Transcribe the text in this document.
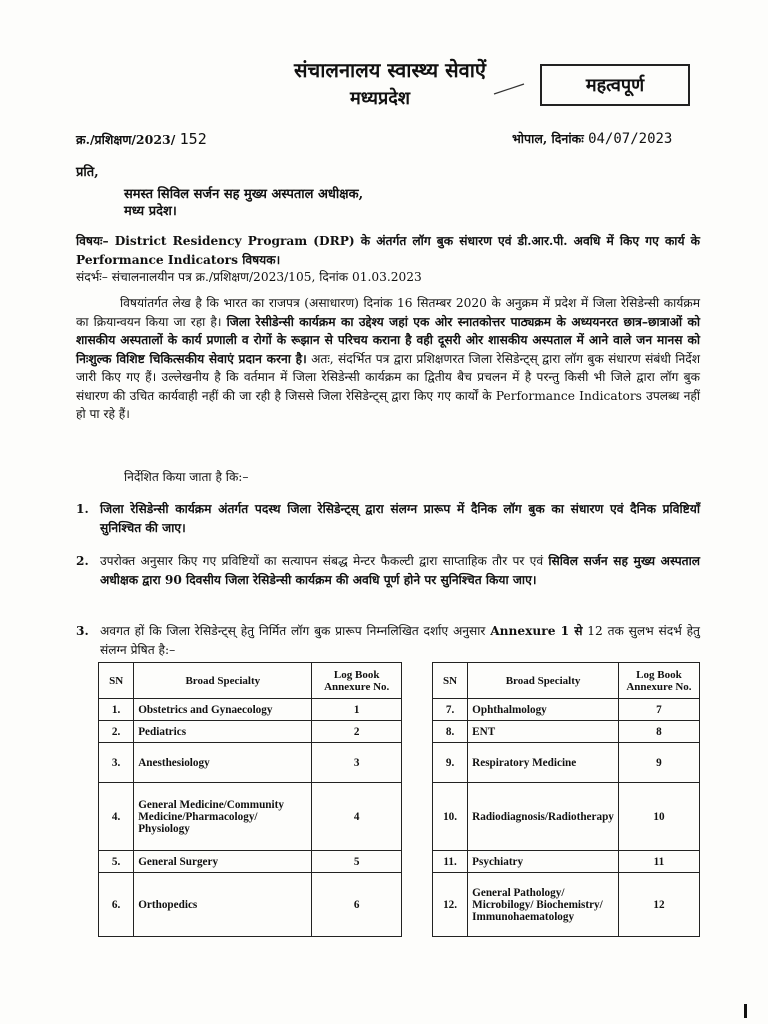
संचालनालय स्वास्थ्य सेवाऐं
मध्यप्रदेश
महत्वपूर्ण
क्र./प्रशिक्षण/2023/ 152	भोपाल, दिनांकः 04/07/2023
प्रति,
समस्त सिविल सर्जन सह मुख्य अस्पताल अधीक्षक,
मध्य प्रदेश।
विषयः– District Residency Program (DRP) के अंतर्गत लॉग बुक संधारण एवं डी.आर.पी. अवधि में किए गए कार्य के Performance Indicators विषयक।
संदर्भः– संचालनालयीन पत्र क्र./प्रशिक्षण/2023/105, दिनांक 01.03.2023
विषयांतर्गत लेख है कि भारत का राजपत्र (असाधारण) दिनांक 16 सितम्बर 2020 के अनुक्रम में प्रदेश में जिला रेसिडेन्सी कार्यक्रम का क्रियान्वयन किया जा रहा है। जिला रेसीडेन्सी कार्यक्रम का उद्देश्य जहां एक ओर स्नातकोत्तर पाठ्यक्रम के अध्ययनरत छात्र–छात्राओं को शासकीय अस्पतालों के कार्य प्रणाली व रोगों के रूझान से परिचय कराना है वही दूसरी ओर शासकीय अस्पताल में आने वाले जन मानस को निःशुल्क विशिष्ट चिकित्सकीय सेवाएं प्रदान करना है। अतः, संदर्भित पत्र द्वारा प्रशिक्षणरत जिला रेसिडेन्ट्स् द्वारा लॉग बुक संधारण संबंधी निर्देश जारी किए गए हैं। उल्लेखनीय है कि वर्तमान में जिला रेसिडेन्सी कार्यक्रम का द्वितीय बैच प्रचलन में है परन्तु किसी भी जिले द्वारा लॉग बुक संधारण की उचित कार्यवाही नहीं की जा रही है जिससे जिला रेसिडेन्ट्स् द्वारा किए गए कार्यों के Performance Indicators उपलब्ध नहीं हो पा रहे हैं।
निर्देशित किया जाता है कि:–
1. जिला रेसिडेन्सी कार्यक्रम अंतर्गत पदस्थ जिला रेसिडेन्ट्स् द्वारा संलग्न प्रारूप में दैनिक लॉग बुक का संधारण एवं दैनिक प्रविष्टियॉं सुनिश्चित की जाए।
2. उपरोक्त अनुसार किए गए प्रविष्टियों का सत्यापन संबद्ध मेन्टर फैकल्टी द्वारा साप्ताहिक तौर पर एवं सिविल सर्जन सह मुख्य अस्पताल अधीक्षक द्वारा 90 दिवसीय जिला रेसिडेन्सी कार्यक्रम की अवधि पूर्ण होने पर सुनिश्चित किया जाए।
3. अवगत हों कि जिला रेसिडेन्ट्स् हेतु निर्मित लॉग बुक प्रारूप निम्नलिखित दर्शाए अनुसार Annexure 1 से 12 तक सुलभ संदर्भ हेतु संलग्न प्रेषित है:–
SN	Broad Specialty	Log Book Annexure No.
1.	Obstetrics and Gynaecology	1
2.	Pediatrics	2
3.	Anesthesiology	3
4.	General Medicine/Community Medicine/Pharmacology/ Physiology	4
5.	General Surgery	5
6.	Orthopedics	6
SN	Broad Specialty	Log Book Annexure No.
7.	Ophthalmology	7
8.	ENT	8
9.	Respiratory Medicine	9
10.	Radiodiagnosis/Radiotherapy	10
11.	Psychiatry	11
12.	General Pathology/ Microbilogy/ Biochemistry/ Immunohaematology	12
